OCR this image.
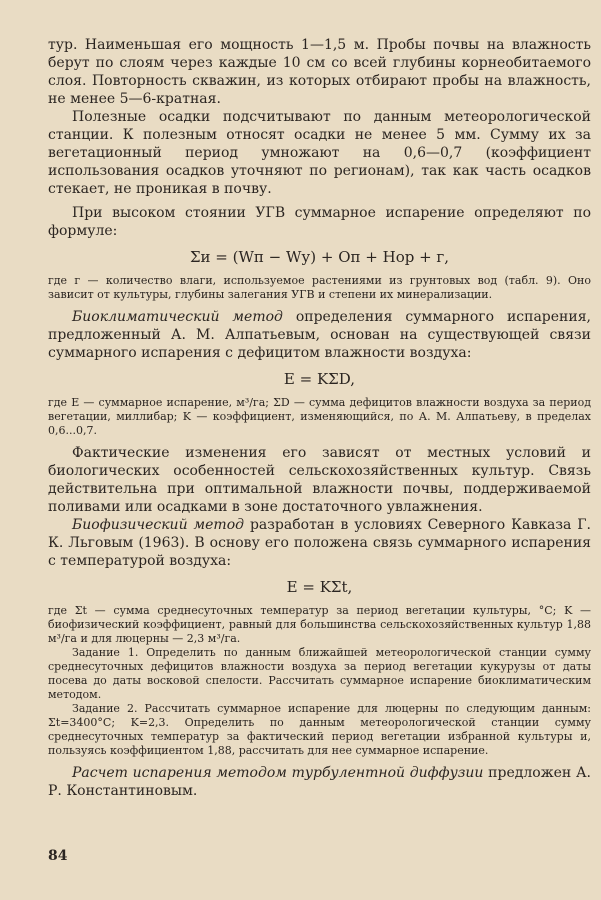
тур. Наименьшая его мощность 1—1,5 м. Пробы почвы на влажность берут по слоям через каждые 10 см со всей глубины корнеобитаемого слоя. Повторность скважин, из которых отбирают пробы на влажность, не менее 5—6-кратная.

Полезные осадки подсчитывают по данным метеорологической станции. К полезным относят осадки не менее 5 мм. Сумму их за вегетационный период умножают на 0,6—0,7 (коэффициент использования осадков уточняют по регионам), так как часть осадков стекает, не проникая в почву.

При высоком стоянии УГВ суммарное испарение определяют по формуле:

Σи = (Wп − Wу) + Oп + Hор + г,

где г — количество влаги, используемое растениями из грунтовых вод (табл. 9). Оно зависит от культуры, глубины залегания УГВ и степени их минерализации.

Биоклиматический метод определения суммарного испарения, предложенный А. М. Алпатьевым, основан на существующей связи суммарного испарения с дефицитом влажности воздуха:

E = KΣD,

где E — суммарное испарение, м³/га; ΣD — сумма дефицитов влажности воздуха за период вегетации, миллибар; K — коэффициент, изменяющийся, по А. М. Алпатьеву, в пределах 0,6...0,7.

Фактические изменения его зависят от местных условий и биологических особенностей сельскохозяйственных культур. Связь действительна при оптимальной влажности почвы, поддерживаемой поливами или осадками в зоне достаточного увлажнения.

Биофизический метод разработан в условиях Северного Кавказа Г. К. Льговым (1963). В основу его положена связь суммарного испарения с температурой воздуха:

E = KΣt,

где Σt — сумма среднесуточных температур за период вегетации культуры, °C; K — биофизический коэффициент, равный для большинства сельскохозяйственных культур 1,88 м³/га и для люцерны — 2,3 м³/га.

Задание 1. Определить по данным ближайшей метеорологической станции сумму среднесуточных дефицитов влажности воздуха за период вегетации кукурузы от даты посева до даты восковой спелости. Рассчитать суммарное испарение биоклиматическим методом.

Задание 2. Рассчитать суммарное испарение для люцерны по следующим данным: Σt=3400°C; K=2,3. Определить по данным метеорологической станции сумму среднесуточных температур за фактический период вегетации избранной культуры и, пользуясь коэффициентом 1,88, рассчитать для нее суммарное испарение.

Расчет испарения методом турбулентной диффузии предложен А. Р. Константиновым.

84
